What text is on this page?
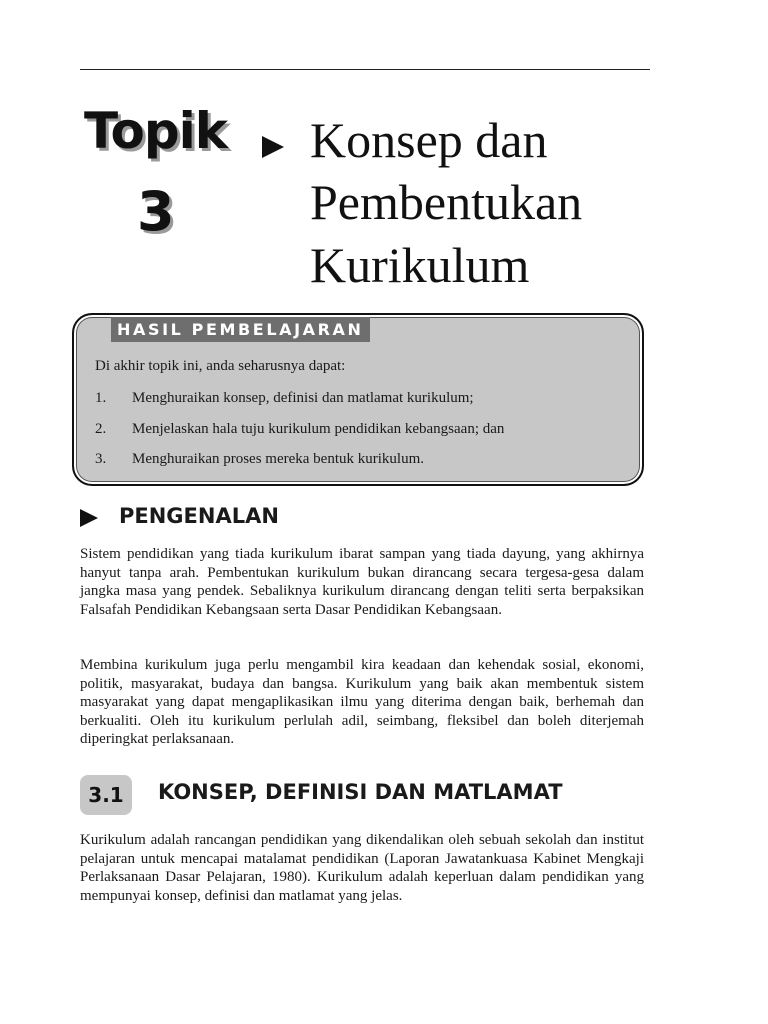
Topik
3
Konsep dan
Pembentukan
Kurikulum
HASIL PEMBELAJARAN
Di akhir topik ini, anda seharusnya dapat:
1. Menghuraikan konsep, definisi dan matlamat kurikulum;
2. Menjelaskan hala tuju kurikulum pendidikan kebangsaan; dan
3. Menghuraikan proses mereka bentuk kurikulum.
PENGENALAN

Sistem pendidikan yang tiada kurikulum ibarat sampan yang tiada dayung, yang akhirnya hanyut tanpa arah. Pembentukan kurikulum bukan dirancang secara tergesa-gesa dalam jangka masa yang pendek. Sebaliknya kurikulum dirancang dengan teliti serta berpaksikan Falsafah Pendidikan Kebangsaan serta Dasar Pendidikan Kebangsaan.

Membina kurikulum juga perlu mengambil kira keadaan dan kehendak sosial, ekonomi, politik, masyarakat, budaya dan bangsa. Kurikulum yang baik akan membentuk sistem masyarakat yang dapat mengaplikasikan ilmu yang diterima dengan baik, berhemah dan berkualiti. Oleh itu kurikulum perlulah adil, seimbang, fleksibel dan boleh diterjemah diperingkat perlaksanaan.

3.1	KONSEP, DEFINISI DAN MATLAMAT

Kurikulum adalah rancangan pendidikan yang dikendalikan oleh sebuah sekolah dan institut pelajaran untuk mencapai matalamat pendidikan (Laporan Jawatankuasa Kabinet Mengkaji Perlaksanaan Dasar Pelajaran, 1980). Kurikulum adalah keperluan dalam pendidikan yang mempunyai konsep, definisi dan matlamat yang jelas.
